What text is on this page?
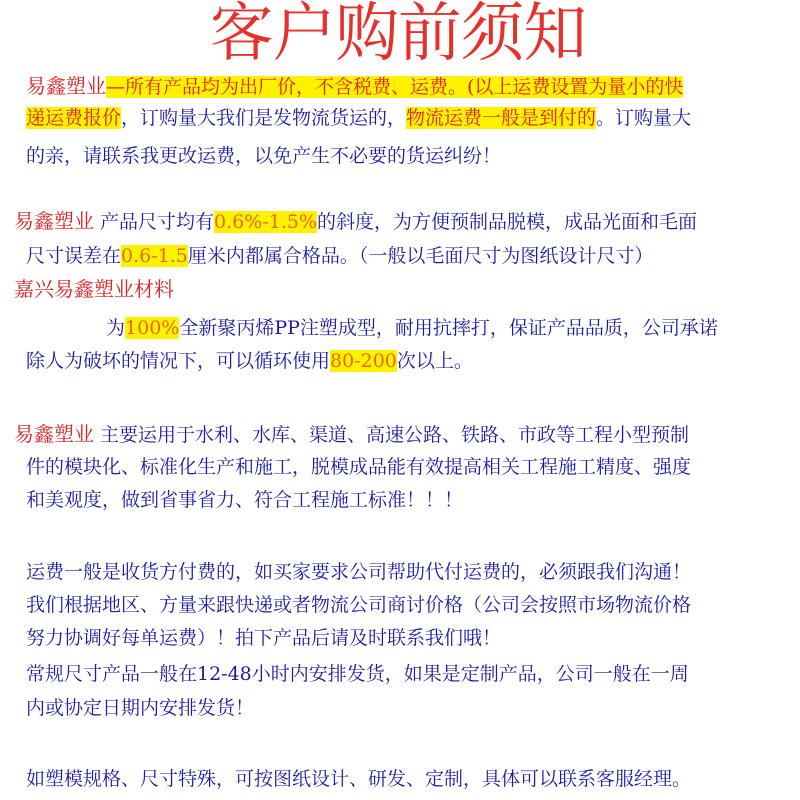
客户购前须知
易鑫塑业—所有产品均为出厂价，不含税费、运费。(以上运费设置为量小的快
递运费报价，订购量大我们是发物流货运的，物流运费一般是到付的。订购量大
的亲，请联系我更改运费，以免产生不必要的货运纠纷！
易鑫塑业 产品尺寸均有0.6%-1.5%的斜度，为方便预制品脱模，成品光面和毛面
尺寸误差在0.6-1.5厘米内都属合格品。（一般以毛面尺寸为图纸设计尺寸）
嘉兴易鑫塑业材料
为100%全新聚丙烯PP注塑成型，耐用抗摔打，保证产品品质，公司承诺
除人为破坏的情况下，可以循环使用80-200次以上。
易鑫塑业 主要运用于水利、水库、渠道、高速公路、铁路、市政等工程小型预制
件的模块化、标准化生产和施工，脱模成品能有效提高相关工程施工精度、强度
和美观度，做到省事省力、符合工程施工标准！！！
运费一般是收货方付费的，如买家要求公司帮助代付运费的，必须跟我们沟通！
我们根据地区、方量来跟快递或者物流公司商讨价格（公司会按照市场物流价格
努力协调好每单运费）！拍下产品后请及时联系我们哦！
常规尺寸产品一般在12-48小时内安排发货，如果是定制产品，公司一般在一周
内或协定日期内安排发货！
如塑模规格、尺寸特殊，可按图纸设计、研发、定制，具体可以联系客服经理。
